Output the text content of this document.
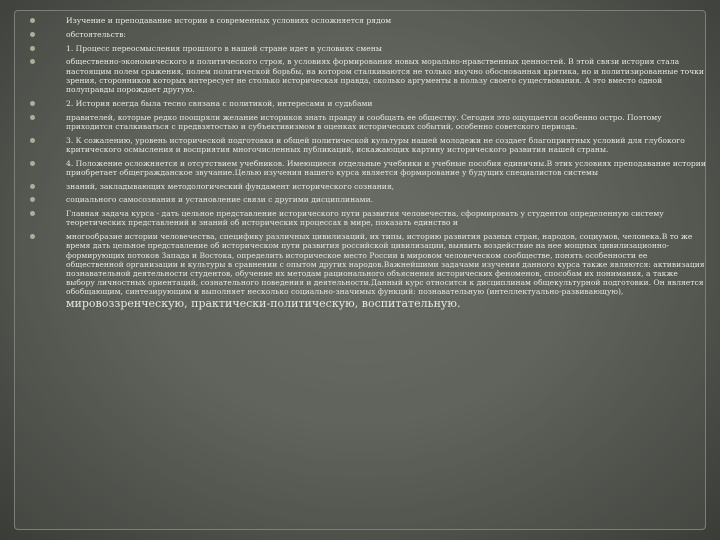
Изучение и преподавание истории в современных условиях осложняется рядом
обстоятельств:
1. Процесс переосмысления прошлого в нашей стране идет в условиях смены
общественно-экономического и политического строя, в условиях формирования новых морально-нравственных ценностей. В этой связи история стала настоящим полем сражения, полем политической борьбы, на котором сталкиваются не только научно обоснованная критика, но и политизированные точки зрения, сторонников которых интересует не столько историческая правда, сколько аргументы в пользу своего существования. А это вместо одной полуправды порождает другую.
2. История всегда была тесно связана с политикой, интересами и судьбами
правителей, которые редко поощряли желание историков знать правду и сообщать ее обществу. Сегодня это ощущается особенно остро. Поэтому приходится сталкиваться с предвзятостью и субъективизмом в оценках исторических событий, особенно советского периода.
3. К сожалению, уровень исторической подготовки и общей политической культуры нашей молодежи не создает благоприятных условий для глубокого критического осмысления и восприятия многочисленных публикаций, искажающих картину исторического развития нашей страны.
4. Положение осложняется и отсутствием учебников. Имеющиеся отдельные учебники и учебные пособия единичны.В этих условиях преподавание истории приобретает общегражданское звучание.Целью изучения нашего курса является формирование у будущих специалистов системы
знаний, закладывающих методологический фундамент исторического сознания,
социального самосознания и установление связи с другими дисциплинами.
Главная задача курса - дать цельное представление исторического пути развития человечества, сформировать у студентов определенную систему теоретических представлений и знаний об исторических процессах в мире, показать единство и
многообразие истории человечества, специфику различных цивилизаций, их типы, историю развития разных стран, народов, социумов, человека.В то же время дать цельное представление об историческом пути развития российской цивилизации, выявить воздействие на нее мощных цивилизационно-формирующих потоков Запада и Востока, определить историческое место России в мировом человеческом сообществе, понять особенности ее общественной организации и культуры в сравнении с опытом других народов.Важнейшими задачами изучения данного курса также являются: активизация познавательной деятельности студентов, обучение их методам рационального объяснения исторических феноменов, способам их понимания, а также выбору личностных ориентаций, сознательного поведения и деятельности.Данный курс относится к дисциплинам общекультурной подготовки. Он является обобщающим, синтезирующим и выполняет несколько социально-значимых функций: познавательную (интеллектуально-развивающую), мировоззренческую, практически-политическую, воспитательную.
